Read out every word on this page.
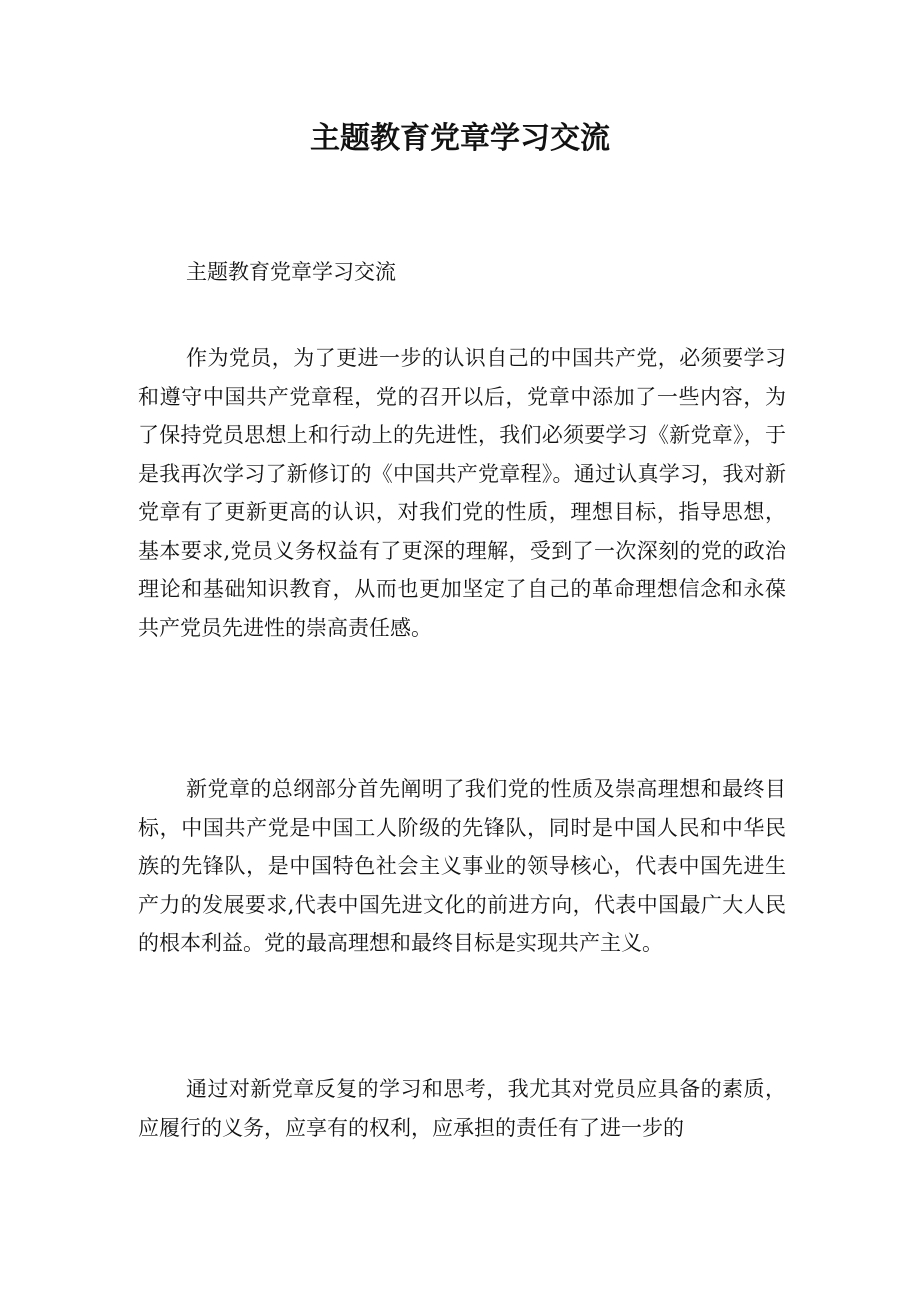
主题教育党章学习交流

主题教育党章学习交流

作为党员，为了更进一步的认识自己的中国共产党，必须要学习和遵守中国共产党章程，党的召开以后，党章中添加了一些内容，为了保持党员思想上和行动上的先进性，我们必须要学习《新党章》，于是我再次学习了新修订的《中国共产党章程》。通过认真学习，我对新党章有了更新更高的认识，对我们党的性质，理想目标，指导思想，基本要求,党员义务权益有了更深的理解，受到了一次深刻的党的政治理论和基础知识教育，从而也更加坚定了自己的革命理想信念和永葆共产党员先进性的崇高责任感。

新党章的总纲部分首先阐明了我们党的性质及崇高理想和最终目标，中国共产党是中国工人阶级的先锋队，同时是中国人民和中华民族的先锋队，是中国特色社会主义事业的领导核心，代表中国先进生产力的发展要求,代表中国先进文化的前进方向，代表中国最广大人民的根本利益。党的最高理想和最终目标是实现共产主义。

通过对新党章反复的学习和思考，我尤其对党员应具备的素质，应履行的义务，应享有的权利，应承担的责任有了进一步的
